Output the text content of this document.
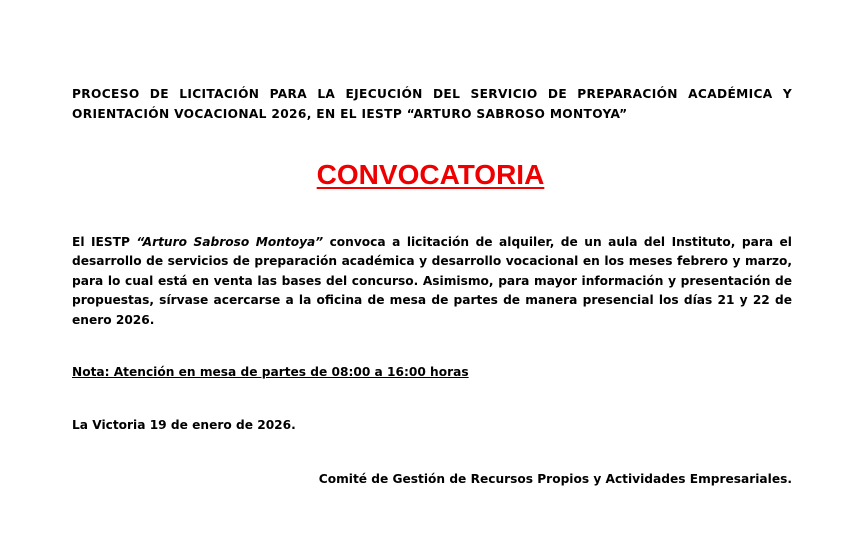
PROCESO DE LICITACIÓN PARA LA EJECUCIÓN DEL SERVICIO DE PREPARACIÓN ACADÉMICA Y ORIENTACIÓN VOCACIONAL 2026, EN EL IESTP “ARTURO SABROSO MONTOYA”
CONVOCATORIA
El IESTP “Arturo Sabroso Montoya” convoca a licitación de alquiler, de un aula del Instituto, para el desarrollo de servicios de preparación académica y desarrollo vocacional en los meses febrero y marzo, para lo cual está en venta las bases del concurso. Asimismo, para mayor información y presentación de propuestas, sírvase acercarse a la oficina de mesa de partes de manera presencial los días 21 y 22 de enero 2026.
Nota: Atención en mesa de partes de 08:00 a 16:00 horas
La Victoria 19 de enero de 2026.
Comité de Gestión de Recursos Propios y Actividades Empresariales.
